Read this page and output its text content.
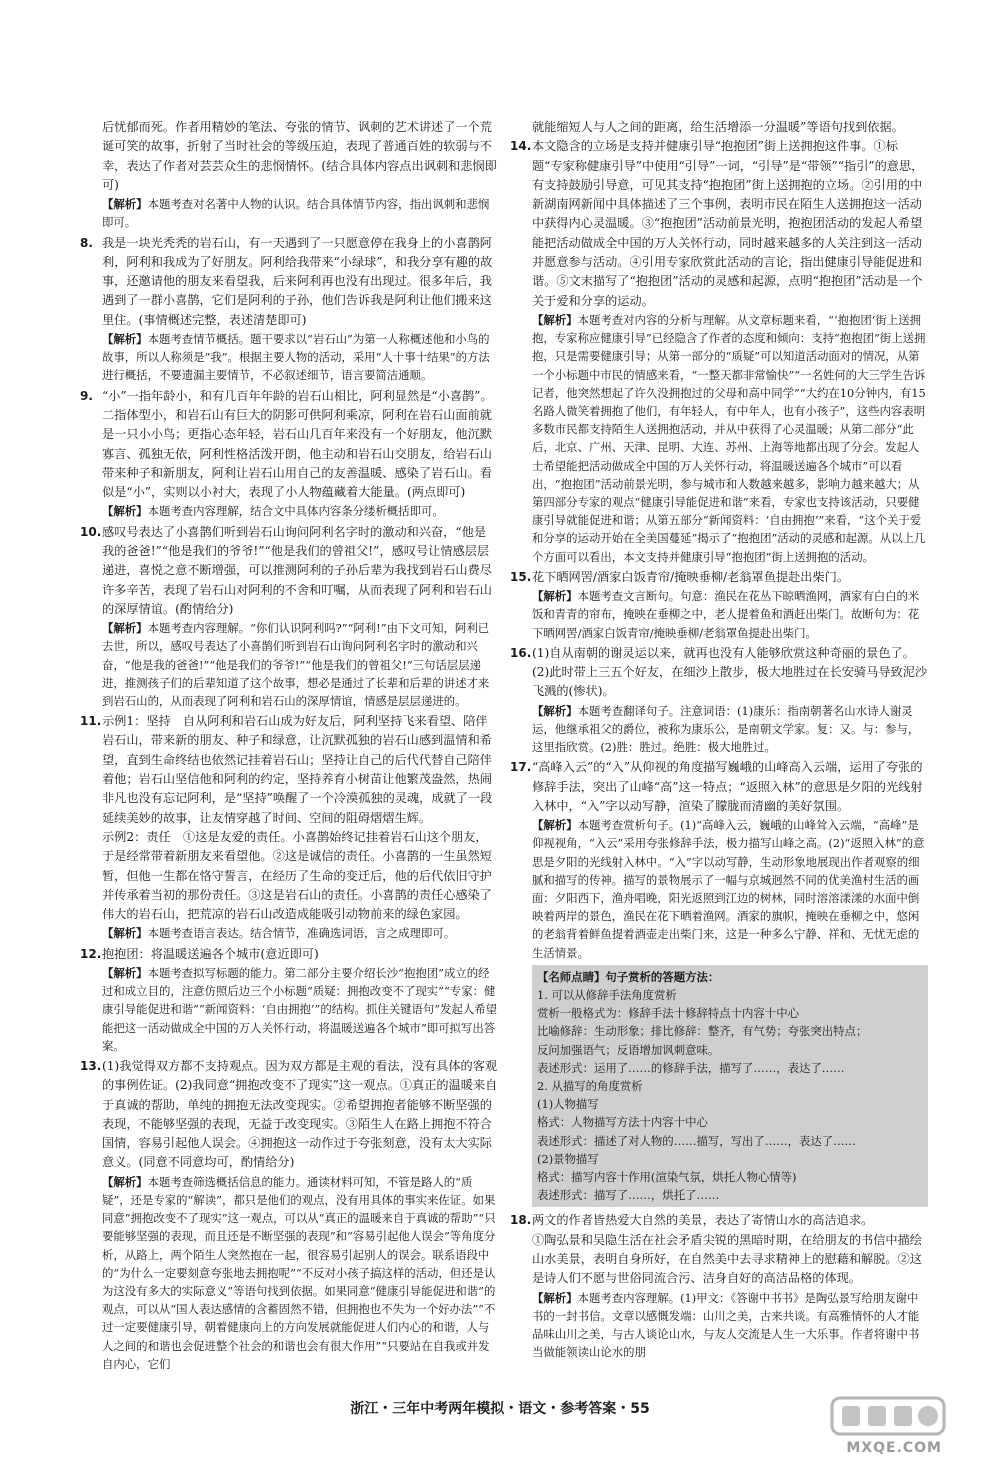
后忧郁而死。作者用精妙的笔法、夸张的情节、讽刺的艺术讲述了一个荒诞可笑的故事，折射了当时社会的等级压迫，表现了普通百姓的软弱与不幸，表达了作者对芸芸众生的悲悯情怀。(结合具体内容点出讽刺和悲悯即可)

【解析】本题考查对名著中人物的认识。结合具体情节内容，指出讽刺和悲悯即可。

8. 我是一块光秃秃的岩石山，有一天遇到了一只愿意停在我身上的小喜鹊阿利，阿利和我成为了好朋友。阿利给我带来“小绿球”，和我分享有趣的故事，还邀请他的朋友来看望我，后来阿利再也没有出现过。很多年后，我遇到了一群小喜鹊，它们是阿利的子孙，他们告诉我是阿利让他们搬来这里住。(事情概述完整，表述清楚即可)

【解析】本题考查情节概括。题干要求以“岩石山”为第一人称概述他和小鸟的故事，所以人称须是“我”。根据主要人物的活动，采用“人十事十结果”的方法进行概括，不要遗漏主要情节，不必叙述细节，语言要简洁通顺。

9. “小”一指年龄小，和有几百年年龄的岩石山相比，阿利显然是“小喜鹊”。二指体型小，和岩石山有巨大的阴影可供阿利乘凉，阿利在岩石山面前就是一只小小鸟；更指心态年轻，岩石山几百年来没有一个好朋友，他沉默寡言、孤独无依，阿利性格活泼开朗，他主动和岩石山交朋友，给岩石山带来种子和新朋友，阿利让岩石山用自己的友善温暖、感染了岩石山。看似是“小”，实则以小衬大，表现了小人物蕴藏着大能量。(两点即可)

【解析】本题考查内容理解，结合文中具体内容条分缕析概括即可。

10. 感叹号表达了小喜鹊们听到岩石山询问阿利名字时的激动和兴奋，“他是我的爸爸!”“他是我们的爷爷!”“他是我们的曾祖父!”，感叹号让情感层层递进，喜悦之意不断增强，可以推测阿利的子孙后辈为我找到岩石山费尽许多辛苦，表现了岩石山对阿利的不舍和叮嘱，从而表现了阿利和岩石山的深厚情谊。(酌情给分)

【解析】本题考查内容理解。“你们认识阿利吗?”“阿利!”由下文可知，阿利已去世，所以，感叹号表达了小喜鹊们听到岩石山询问阿利名字时的激动和兴奋，“他是我的爸爸!”“他是我们的爷爷!”“他是我们的曾祖父!”三句话层层递进，推测孩子们的后辈知道了这个故事，想必是通过了长辈和后辈的讲述才来到岩石山的，从而表现了阿利和岩石山的深厚情谊，情感是层层递进的。

11. 示例1：坚持　自从阿利和岩石山成为好友后，阿利坚持飞来看望、陪伴岩石山，带来新的朋友、种子和绿意，让沉默孤独的岩石山感到温情和希望，直到生命终结也依然记挂着岩石山；坚持让自己的后代代替自己陪伴着他；岩石山坚信他和阿利的约定，坚持养育小树苗让他繁茂盎然，热闹非凡也没有忘记阿利，是“坚持”唤醒了一个冷漠孤独的灵魂，成就了一段延续美妙的故事，让友情穿越了时间、空间的阻碍熠熠生辉。

示例2：责任　①这是友爱的责任。小喜鹊始终记挂着岩石山这个朋友，于是经常带着新朋友来看望他。②这是诚信的责任。小喜鹊的一生虽然短暂，但他一生都在恪守誓言，在经历了生命的变迁后，他的后代依旧守护并传承着当初的那份责任。③这是岩石山的责任。小喜鹊的责任心感染了伟大的岩石山，把荒凉的岩石山改造成能吸引动物前来的绿色家园。

【解析】本题考查语言表达。结合情节，准确选词语，言之成理即可。

12. 抱抱团：将温暖送遍各个城市(意近即可)

【解析】本题考查拟写标题的能力。第二部分主要介绍长沙“抱抱团”成立的经过和成立目的，注意仿照后边三个小标题“质疑：拥抱改变不了现实”“专家：健康引导能促进和谐”“新闻资料：‘自由拥抱’”的结构。抓住关键语句“发起人希望能把这一活动做成全中国的万人关怀行动，将温暖送遍各个城市”即可拟写出答案。

13. (1)我觉得双方都不支持观点。因为双方都是主观的看法，没有具体的客观的事例佐证。(2)我同意“拥抱改变不了现实”这一观点。①真正的温暖来自于真诚的帮助，单纯的拥抱无法改变现实。②希望拥抱者能够不断坚强的表现，不能够坚强的表现，无益于改变现实。③陌生人在路上拥抱不符合国情，容易引起他人误会。④拥抱这一动作过于夸张刻意，没有太大实际意义。(同意不同意均可，酌情给分)

【解析】本题考查筛选概括信息的能力。通读材料可知，不管是路人的“质疑”，还是专家的“解读”，都只是他们的观点，没有用具体的事实来佐证。如果同意“拥抱改变不了现实”这一观点，可以从“真正的温暖来自于真诚的帮助”“只要能够坚强的表现，而且还是不断坚强的表现”和“容易引起他人误会”等角度分析，从路上，两个陌生人突然抱在一起，很容易引起别人的误会。联系语段中的“为什么一定要刻意夸张地去拥抱呢”“不反对小孩子搞这样的活动，但还是认为这没有多大的实际意义”等语句找到依据。如果同意“健康引导能促进和谐”的观点，可以从“国人表达感情的含蓄固然不错，但拥抱也不失为一个好办法”“不过一定要健康引导，朝着健康向上的方向发展就能促进人们内心的和谐，人与人之间的和谐也会促进整个社会的和谐也会有很大作用”“只要站在自我或并发自内心，它们

就能缩短人与人之间的距离，给生活增添一分温暖”等语句找到依据。

14. 本文隐含的立场是支持并健康引导“抱抱团”街上送拥抱这件事。①标题“专家称健康引导”中使用“引导”一词，“引导”是“带领”“指引”的意思，有支持鼓励引导意，可见其支持“抱抱团”街上送拥抱的立场。②引用的中新湖南网新闻中具体描述了三个事例，表明市民在陌生人送拥抱这一活动中获得内心灵温暖。③“抱抱团”活动前景光明，抱抱团活动的发起人希望能把活动做成全中国的万人关怀行动，同时越来越多的人关注到这一活动并愿意参与活动。④引用专家欣赏此活动的言论，指出健康引导能促进和谐。⑤文末描写了“抱抱团”活动的灵感和起源，点明“抱抱团”活动是一个关于爱和分享的运动。

【解析】本题考查对内容的分析与理解。从文章标题来看，“‘抱抱团’街上送拥抱，专家称应健康引导”已经隐含了作者的态度和倾向：支持“抱抱团”街上送拥抱，只是需要健康引导；从第一部分的“质疑”可以知道活动面对的情况，从第一个小标题中市民的情感来看，“一整天都非常愉快”“一名姓何的大三学生告诉记者，他突然想起了许久没拥抱过的父母和高中同学”“大约在10分钟内，有15名路人微笑着拥抱了他们，有年轻人，有中年人，也有小孩子”，这些内容表明多数市民都支持陌生人送拥抱活动，并从中获得了心灵温暖；从第二部分“此后，北京、广州、天津、昆明、大连、苏州、上海等地都出现了分会。发起人士希望能把活动做成全中国的万人关怀行动，将温暖送遍各个城市”可以看出，“抱抱团”活动前景光明，参与城市和人数越来越多，影响力越来越大；从第四部分专家的观点“健康引导能促进和谐”来看，专家也支持该活动，只要健康引导就能促进和谐；从第五部分“新闻资料：‘自由拥抱’”来看，“这个关于爱和分享的运动开始在全美国蔓延”揭示了“抱抱团”活动的灵感和起源。从以上几个方面可以看出，本文支持并健康引导“抱抱团”街上送拥抱的活动。

15. 花下晒网罟/酒家白饭青帘/掩映垂柳/老翁罩鱼提赴出柴门。

【解析】本题考查文言断句。句意：渔民在花丛下晾晒渔网，酒家有白白的米饭和青青的帘布，掩映在垂柳之中，老人提着鱼和酒赶出柴门。故断句为：花下晒网罟/酒家白饭青帘/掩映垂柳/老翁罩鱼提赴出柴门。

16. (1)自从南朝的谢灵运以来，就再也没有人能够欣赏这种奇丽的景色了。

(2)此时带上三五个好友，在细沙上散步，极大地胜过在长安骑马导致泥沙飞溅的(惨状)。

【解析】本题考查翻译句子。注意词语：(1)康乐：指南朝著名山水诗人谢灵运，他继承祖父的爵位，被称为康乐公，是南朝文学家。复：又。与：参与，这里指欣赏。(2)胜：胜过。绝胜：极大地胜过。

17. “高峰入云”的“入”从仰视的角度描写巍峨的山峰高入云端，运用了夸张的修辞手法，突出了山峰“高”这一特点；“返照入林”的意思是夕阳的光线射入林中，“入”字以动写静，渲染了朦胧而清幽的美好氛围。

【解析】本题考查赏析句子。(1)“高峰入云，巍峨的山峰耸入云端，“高峰”是仰视视角，“入云”采用夸张修辞手法，极力描写山峰之高。(2)“返照入林”的意思是夕阳的光线射入林中。“入”字以动写静，生动形象地展现出作者观察的细腻和描写的传神。描写的景物展示了一幅与京城迥然不同的优美渔村生活的画面：夕阳西下，渔舟唱晚，阳光返照到江边的树林，同时溶溶漾漾的水面中倒映着两岸的景色，渔民在花下晒着渔网。酒家的旗帜，掩映在垂柳之中，悠闲的老翁背着鲜鱼提着酒壶走出柴门来，这是一种多么宁静、祥和、无忧无虑的生活情景。

【名师点睛】句子赏析的答题方法：

1. 可以从修辞手法角度赏析

赏析一般格式为：修辞手法十修辞特点十内容十中心

比喻修辞：生动形象；排比修辞：整齐，有气势；夸张突出特点；

反问加强语气；反语增加讽刺意味。

表述形式：运用了……的修辞手法，描写了……，表达了……

2. 从描写的角度赏析

(1)人物描写

格式：人物描写方法十内容十中心

表述形式：描述了对人物的……描写，写出了……，表达了……

(2)景物描写

格式：描写内容十作用(渲染气氛，烘托人物心情等)

表述形式：描写了……，烘托了……

18. 两文的作者皆热爱大自然的美景，表达了寄情山水的高洁追求。

①陶弘景和吴隐生活在社会矛盾尖锐的黑暗时期，在给朋友的书信中描绘山水美景，表明自身所好，在自然美中去寻求精神上的慰藉和解脱。②这是诗人们不愿与世俗同流合污、洁身自好的高洁品格的体现。

【解析】本题考查内容理解。(1)甲文：《答谢中书书》是陶弘景写给朋友谢中书的一封书信。文章以感慨发端：山川之美，古来共谈。有高雅情怀的人才能品味山川之美，与古人谈论山水，与友人交流是人生一大乐事。作者将谢中书当做能领读山论水的朋

浙江・三年中考两年模拟・语文・参考答案・55
MXQE.COM
